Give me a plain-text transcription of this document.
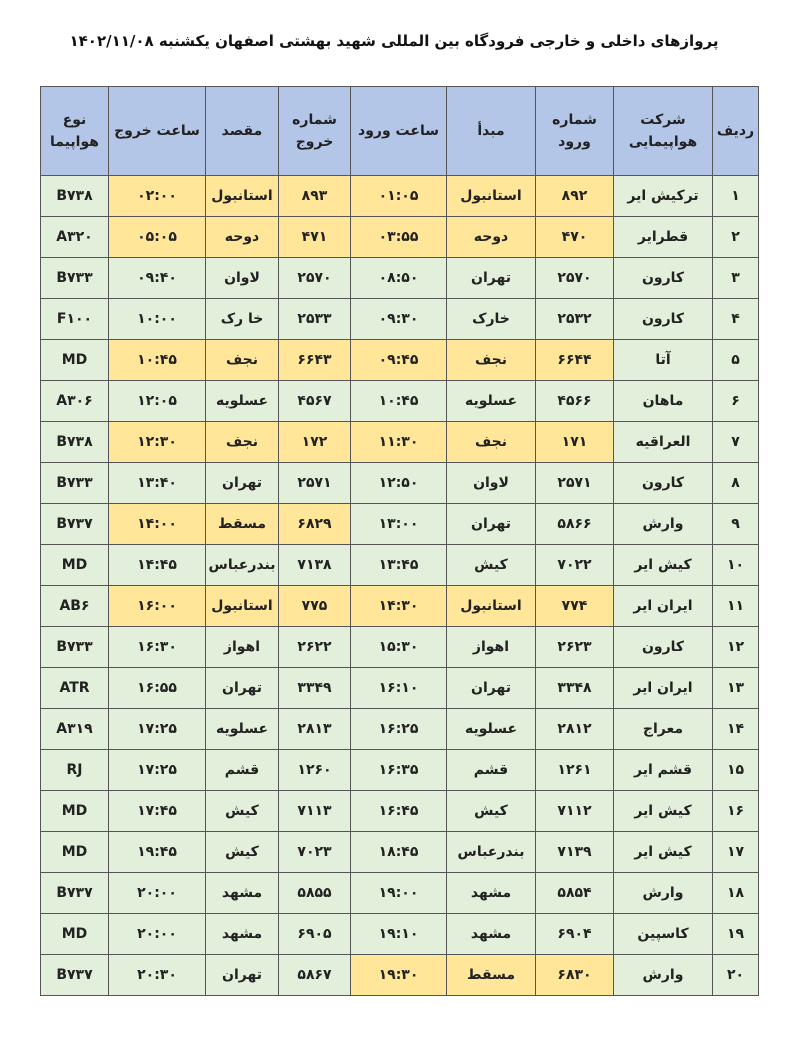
پروازهای داخلی و خارجی فرودگاه بین المللی شهید بهشتی اصفهان یکشنبه ۱۴۰۲/۱۱/۰۸
ردیف	شرکت هواپیمایی	شماره ورود	مبدأ	ساعت ورود	شماره خروج	مقصد	ساعت خروج	نوع هواپیما
۱	ترکیش ایر	۸۹۲	استانبول	۰۱:۰۵	۸۹۳	استانبول	۰۲:۰۰	B۷۳۸
۲	قطرایر	۴۷۰	دوحه	۰۳:۵۵	۴۷۱	دوحه	۰۵:۰۵	A۳۲۰
۳	کارون	۲۵۷۰	تهران	۰۸:۵۰	۲۵۷۰	لاوان	۰۹:۴۰	B۷۳۳
۴	کارون	۲۵۳۲	خارک	۰۹:۳۰	۲۵۳۳	خا رک	۱۰:۰۰	F۱۰۰
۵	آتا	۶۶۴۴	نجف	۰۹:۴۵	۶۶۴۳	نجف	۱۰:۴۵	MD
۶	ماهان	۴۵۶۶	عسلویه	۱۰:۴۵	۴۵۶۷	عسلویه	۱۲:۰۵	A۳۰۶
۷	العراقیه	۱۷۱	نجف	۱۱:۳۰	۱۷۲	نجف	۱۲:۳۰	B۷۳۸
۸	کارون	۲۵۷۱	لاوان	۱۲:۵۰	۲۵۷۱	تهران	۱۳:۴۰	B۷۳۳
۹	وارش	۵۸۶۶	تهران	۱۳:۰۰	۶۸۲۹	مسقط	۱۴:۰۰	B۷۳۷
۱۰	کیش ایر	۷۰۲۲	کیش	۱۳:۴۵	۷۱۳۸	بندرعباس	۱۴:۴۵	MD
۱۱	ایران ایر	۷۷۴	استانبول	۱۴:۳۰	۷۷۵	استانبول	۱۶:۰۰	AB۶
۱۲	کارون	۲۶۲۳	اهواز	۱۵:۳۰	۲۶۲۲	اهواز	۱۶:۳۰	B۷۳۳
۱۳	ایران ایر	۳۳۴۸	تهران	۱۶:۱۰	۳۳۴۹	تهران	۱۶:۵۵	ATR
۱۴	معراج	۲۸۱۲	عسلویه	۱۶:۲۵	۲۸۱۳	عسلویه	۱۷:۲۵	A۳۱۹
۱۵	قشم ایر	۱۲۶۱	قشم	۱۶:۳۵	۱۲۶۰	قشم	۱۷:۲۵	RJ
۱۶	کیش ایر	۷۱۱۲	کیش	۱۶:۴۵	۷۱۱۳	کیش	۱۷:۴۵	MD
۱۷	کیش ایر	۷۱۳۹	بندرعباس	۱۸:۴۵	۷۰۲۳	کیش	۱۹:۴۵	MD
۱۸	وارش	۵۸۵۴	مشهد	۱۹:۰۰	۵۸۵۵	مشهد	۲۰:۰۰	B۷۳۷
۱۹	کاسپین	۶۹۰۴	مشهد	۱۹:۱۰	۶۹۰۵	مشهد	۲۰:۰۰	MD
۲۰	وارش	۶۸۳۰	مسقط	۱۹:۳۰	۵۸۶۷	تهران	۲۰:۳۰	B۷۳۷
